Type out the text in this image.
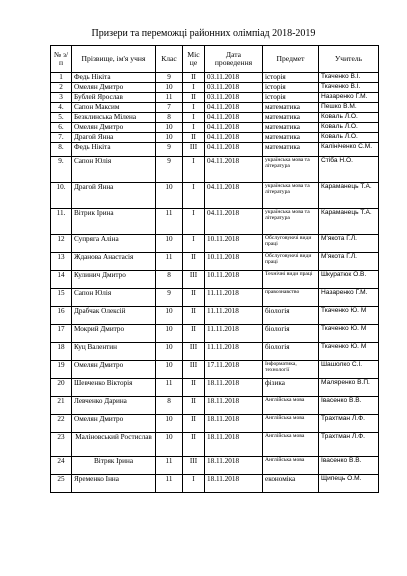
Призери та переможці районних олімпіад 2018-2019
№ з/п	Прізвище, ім'я учня	Клас	Міс це	Дата проведення	Предмет	Учитель
1	Федь Нікіта	9	ІІ	03.11.2018	історія	Ткаченко В.І.
2	Омелян Дмитро	10	І	03.11.2018	історія	Ткаченко В.І.
3	Бублей Ярослав	11	ІІ	03.11.2018	історія	Назаренко Г.М.
4.	Сапон Максим	7	І	04.11.2018	математика	Пешко В.М.
5.	Безклинська Мілена	8	І	04.11.2018	математика	Коваль Л.О.
6.	Омелян Дмитро	10	І	04.11.2018	математика	Коваль Л.О.
7.	Драгой Янна	10	ІІ	04.11.2018	математика	Коваль Л.О.
8.	Федь Нікіта	9	ІІІ	04.11.2018	математика	Калініченко С.М.
9.	Сапон Юлія	9	І	04.11.2018	українська мова та література	Стіба Н.О.
10.	Драгой Янна	10	І	04.11.2018	українська мова та література	Караманець Т.А.
11.	Вітрик Ірина	11	І	04.11.2018	українська мова та література	Караманець Т.А.
12	Супряга Аліна	10	І	10.11.2018	Обслуговуючі види праці	М'якота Г.Л.
13	Жданова Анастасія	11	ІІ	10.11.2018	Обслуговуючі види праці	М'якота Г.Л.
14	Кулинич Дмитро	8	ІІІ	10.11.2018	Технічні види праці	Шкуратюк О.В.
15	Сапон Юлія	9	ІІ	11.11.2018	правознавство	Назаренко Г.М.
16	Драбчак Олексій	10	ІІ	11.11.2018	біологія	Ткаченко Ю. М
17	Мокрий Дмитро	10	ІІ	11.11.2018	біологія	Ткаченко Ю. М
18	Куц Валентин	10	ІІІ	11.11.2018	біологія	Ткаченко Ю. М
19	Омелян Дмитро	10	ІІІ	17.11.2018	Інформатика, технології	Шашолко С.І.
20	Шевченко Вікторія	11	ІІ	18.11.2018	фізика	Маляренко В.П.
21	Левченко Дарина	8	ІІ	18.11.2018	Англійська мова	Івасенко В.В.
22	Омелян Дмитро	10	ІІ	18.11.2018	Англійська мова	Трахтман Л.Ф.
23	Маліновський Ростислав	10	ІІ	18.11.2018	Англійська мова	Трахтман Л.Ф.
24	Вітряк Ірина	11	ІІІ	18.11.2018	Англійська мова	Івасенко В.В.
25	Яременко Інна	11	І	18.11.2018	економіка	Щипець О.М.
